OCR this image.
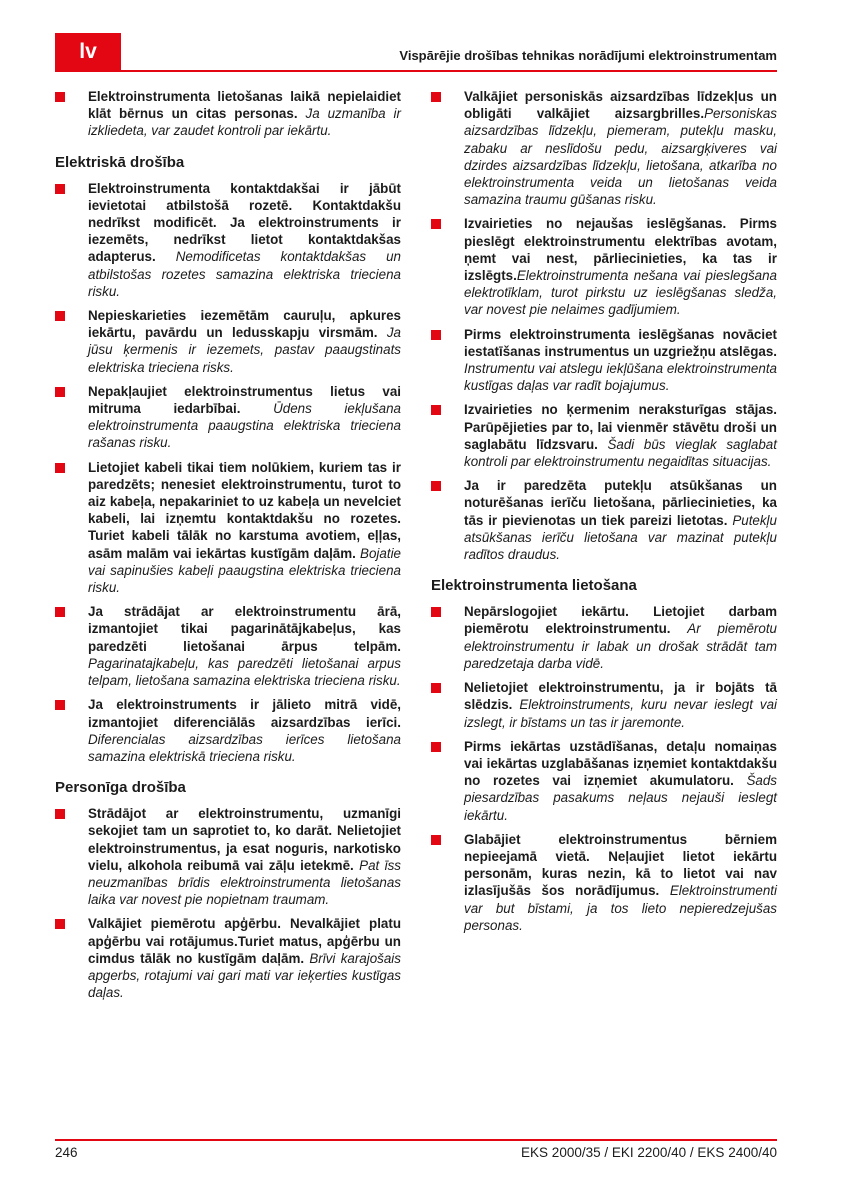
lv	Vispārējie drošības tehnikas norādījumi elektroinstrumentam

Elektroinstrumenta lietošanas laikā nepielaidiet klāt bērnus un citas personas. Ja uzmanība ir izkliedeta, var zaudet kontroli par iekārtu.

Elektriskā drošība

Elektroinstrumenta kontaktdakšai ir jābūt ievietotai atbilstošā rozetē. Kontaktdakšu nedrīkst modificēt. Ja elektroinstruments ir iezemēts, nedrīkst lietot kontaktdakšas adapterus. Nemodificetas kontaktdakšas un atbilstošas rozetes samazina elektriska trieciena risku.

Nepieskarieties iezemētām cauruļu, apkures iekārtu, pavārdu un ledusskapju virsmām. Ja jūsu ķermenis ir iezemets, pastav paaugstinats elektriska trieciena risks.

Nepakļaujiet elektroinstrumentus lietus vai mitruma iedarbībai. Ūdens iekļušana elektroinstrumenta paaugstina elektriska trieciena rašanas risku.

Lietojiet kabeli tikai tiem nolūkiem, kuriem tas ir paredzēts; nenesiet elektroinstrumentu, turot to aiz kabeļa, nepakariniet to uz kabeļa un nevelciet kabeli, lai izņemtu kontaktdakšu no rozetes. Turiet kabeli tālāk no karstuma avotiem, eļļas, asām malām vai iekārtas kustīgām daļām. Bojatie vai sapinušies kabeļi paaugstina elektriska trieciena risku.

Ja strādājat ar elektroinstrumentu ārā, izmantojiet tikai pagarinātājkabeļus, kas paredzēti lietošanai ārpus telpām. Pagarinatajkabeļu, kas paredzēti lietošanai arpus telpam, lietošana samazina elektriska trieciena risku.

Ja elektroinstruments ir jālieto mitrā vidē, izmantojiet diferenciālās aizsardzības ierīci. Diferencialas aizsardzības ierīces lietošana samazina elektriskā trieciena risku.

Personīga drošība

Strādājot ar elektroinstrumentu, uzmanīgi sekojiet tam un saprotiet to, ko darāt. Nelietojiet elektroinstrumentus, ja esat noguris, narkotisko vielu, alkohola reibumā vai zāļu ietekmē. Pat īss neuzmanības brīdis elektroinstrumenta lietošanas laika var novest pie nopietnam traumam.

Valkājiet piemērotu apģērbu. Nevalkājiet platu apģērbu vai rotājumus.Turiet matus, apģērbu un cimdus tālāk no kustīgām daļām. Brīvi karajošais apgerbs, rotajumi vai gari mati var ieķerties kustīgas daļas.

Valkājiet personiskās aizsardzības līdzekļus un obligāti valkājiet aizsargbrilles.Personiskas aizsardzības līdzekļu, piemeram, putekļu masku, zabaku ar neslīdošu pedu, aizsargķiveres vai dzirdes aizsardzības līdzekļu, lietošana, atkarība no elektroinstrumenta veida un lietošanas veida samazina traumu gūšanas risku.

Izvairieties no nejaušas ieslēgšanas. Pirms pieslēgt elektroinstrumentu elektrības avotam, ņemt vai nest, pārliecinieties, ka tas ir izslēgts.Elektroinstrumenta nešana vai pieslegšana elektrotīklam, turot pirkstu uz ieslēgšanas sledža, var novest pie nelaimes gadījumiem.

Pirms elektroinstrumenta ieslēgšanas novāciet iestatīšanas instrumentus un uzgriežņu atslēgas. Instrumentu vai atslegu iekļūšana elektroinstrumenta kustīgas daļas var radīt bojajumus.

Izvairieties no ķermenim neraksturīgas stājas. Parūpējieties par to, lai vienmēr stāvētu droši un saglabātu līdzsvaru. Šadi būs vieglak saglabat kontroli par elektroinstrumentu negaidītas situacijas.

Ja ir paredzēta putekļu atsūkšanas un noturēšanas ierīču lietošana, pārliecinieties, ka tās ir pievienotas un tiek pareizi lietotas. Putekļu atsūkšanas ierīču lietošana var mazinat putekļu radītos draudus.

Elektroinstrumenta lietošana

Nepārslogojiet iekārtu. Lietojiet darbam piemērotu elektroinstrumentu. Ar piemērotu elektroinstrumentu ir labak un drošak strādāt tam paredzetaja darba vidē.

Nelietojiet elektroinstrumentu, ja ir bojāts tā slēdzis. Elektroinstruments, kuru nevar ieslegt vai izslegt, ir bīstams un tas ir jaremonte.

Pirms iekārtas uzstādīšanas, detaļu nomaiņas vai iekārtas uzglabāšanas izņemiet kontaktdakšu no rozetes vai izņemiet akumulatoru. Šads piesardzības pasakums neļaus nejauši ieslegt iekārtu.

Glabājiet elektroinstrumentus bērniem nepieejamā vietā. Neļaujiet lietot iekārtu personām, kuras nezin, kā to lietot vai nav izlasījušās šos norādījumus. Elektroinstrumenti var but bīstami, ja tos lieto nepieredzejušas personas.

246	EKS 2000/35 / EKI 2200/40 / EKS 2400/40
